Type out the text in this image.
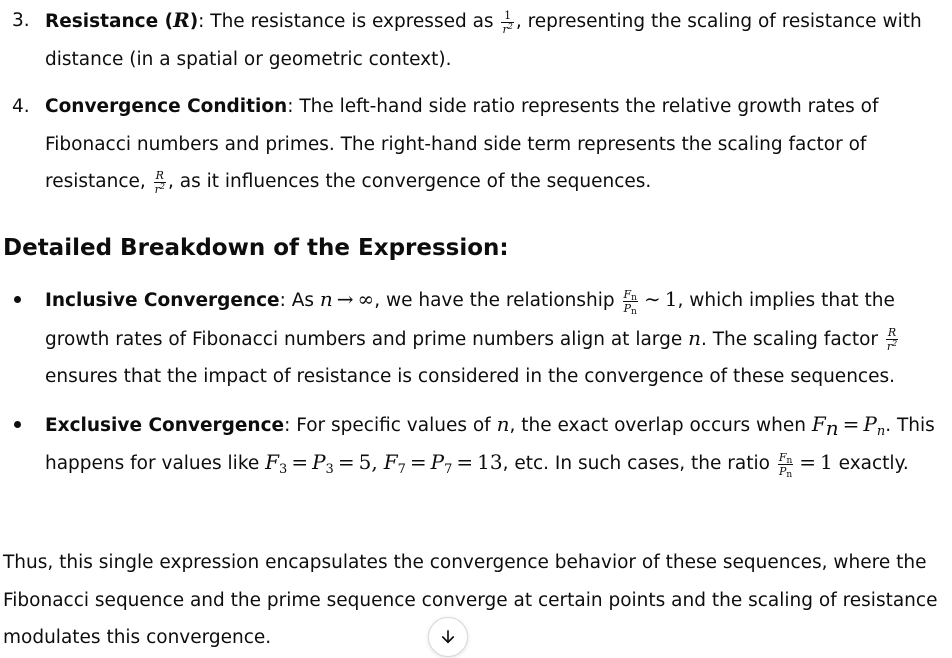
3. Resistance (R): The resistance is expressed as $\frac{1}{r^2}$ , representing the scaling of resistance with distance (in a spatial or geometric context).
4. Convergence Condition: The left-hand side ratio represents the relative growth rates of Fibonacci numbers and primes. The right-hand side term represents the scaling factor of resistance, $\frac{R}{r^2}$ , as it influences the convergence of the sequences.
Detailed Breakdown of the Expression:
Inclusive Convergence: As n → ∞, we have the relationship $\frac{F_n}{P_n}$ ∼ 1, which implies that the growth rates of Fibonacci numbers and prime numbers align at large n. The scaling factor $\frac{R}{r^2}$
ensures that the impact of resistance is considered in the convergence of these sequences.
Exclusive Convergence: For specific values of n, the exact overlap occurs when $F_n = P_n$. This happens for values like $F_3 = P_3 = 5$, $F_7 = P_7 = 13$, etc. In such cases, the ratio $\frac{F_n}{P_n} = 1$ exactly.

Thus, this single expression encapsulates the convergence behavior of these sequences, where the Fibonacci sequence and the prime sequence converge at certain points and the scaling of resistance modulates this convergence.
